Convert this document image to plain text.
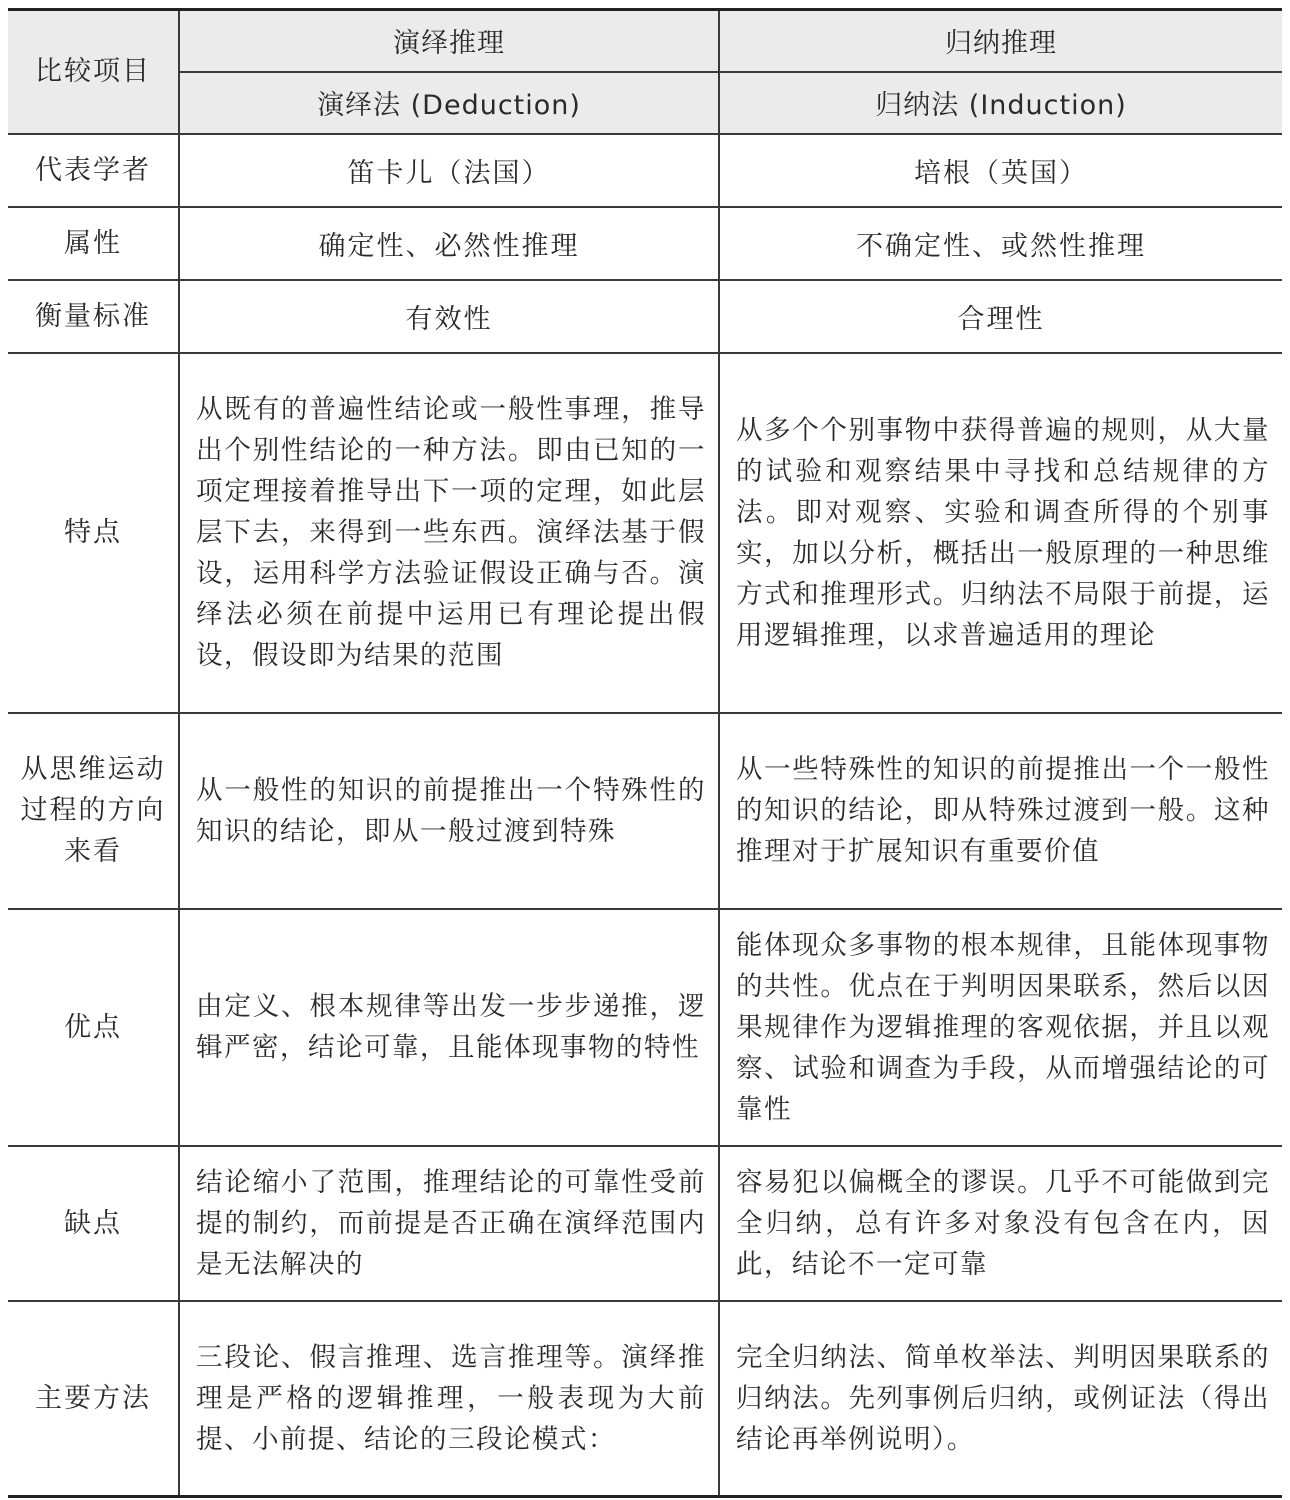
比较项目	演绎推理	归纳推理
	演绎法 (Deduction)	归纳法 (Induction)
代表学者	笛卡儿（法国）	培根（英国）
属性	确定性、必然性推理	不确定性、或然性推理
衡量标准	有效性	合理性
特点	从既有的普遍性结论或一般性事理，推导出个别性结论的一种方法。即由已知的一项定理接着推导出下一项的定理，如此层层下去，来得到一些东西。演绎法基于假设，运用科学方法验证假设正确与否。演绎法必须在前提中运用已有理论提出假设，假设即为结果的范围	从多个个别事物中获得普遍的规则，从大量的试验和观察结果中寻找和总结规律的方法。即对观察、实验和调查所得的个别事实，加以分析，概括出一般原理的一种思维方式和推理形式。归纳法不局限于前提，运用逻辑推理，以求普遍适用的理论
从思维运动过程的方向来看	从一般性的知识的前提推出一个特殊性的知识的结论，即从一般过渡到特殊	从一些特殊性的知识的前提推出一个一般性的知识的结论，即从特殊过渡到一般。这种推理对于扩展知识有重要价值
优点	由定义、根本规律等出发一步步递推，逻辑严密，结论可靠，且能体现事物的特性	能体现众多事物的根本规律，且能体现事物的共性。优点在于判明因果联系，然后以因果规律作为逻辑推理的客观依据，并且以观察、试验和调查为手段，从而增强结论的可靠性
缺点	结论缩小了范围，推理结论的可靠性受前提的制约，而前提是否正确在演绎范围内是无法解决的	容易犯以偏概全的谬误。几乎不可能做到完全归纳，总有许多对象没有包含在内，因此，结论不一定可靠
主要方法	三段论、假言推理、选言推理等。演绎推理是严格的逻辑推理，一般表现为大前提、小前提、结论的三段论模式：	完全归纳法、简单枚举法、判明因果联系的归纳法。先列事例后归纳，或例证法（得出结论再举例说明）。
